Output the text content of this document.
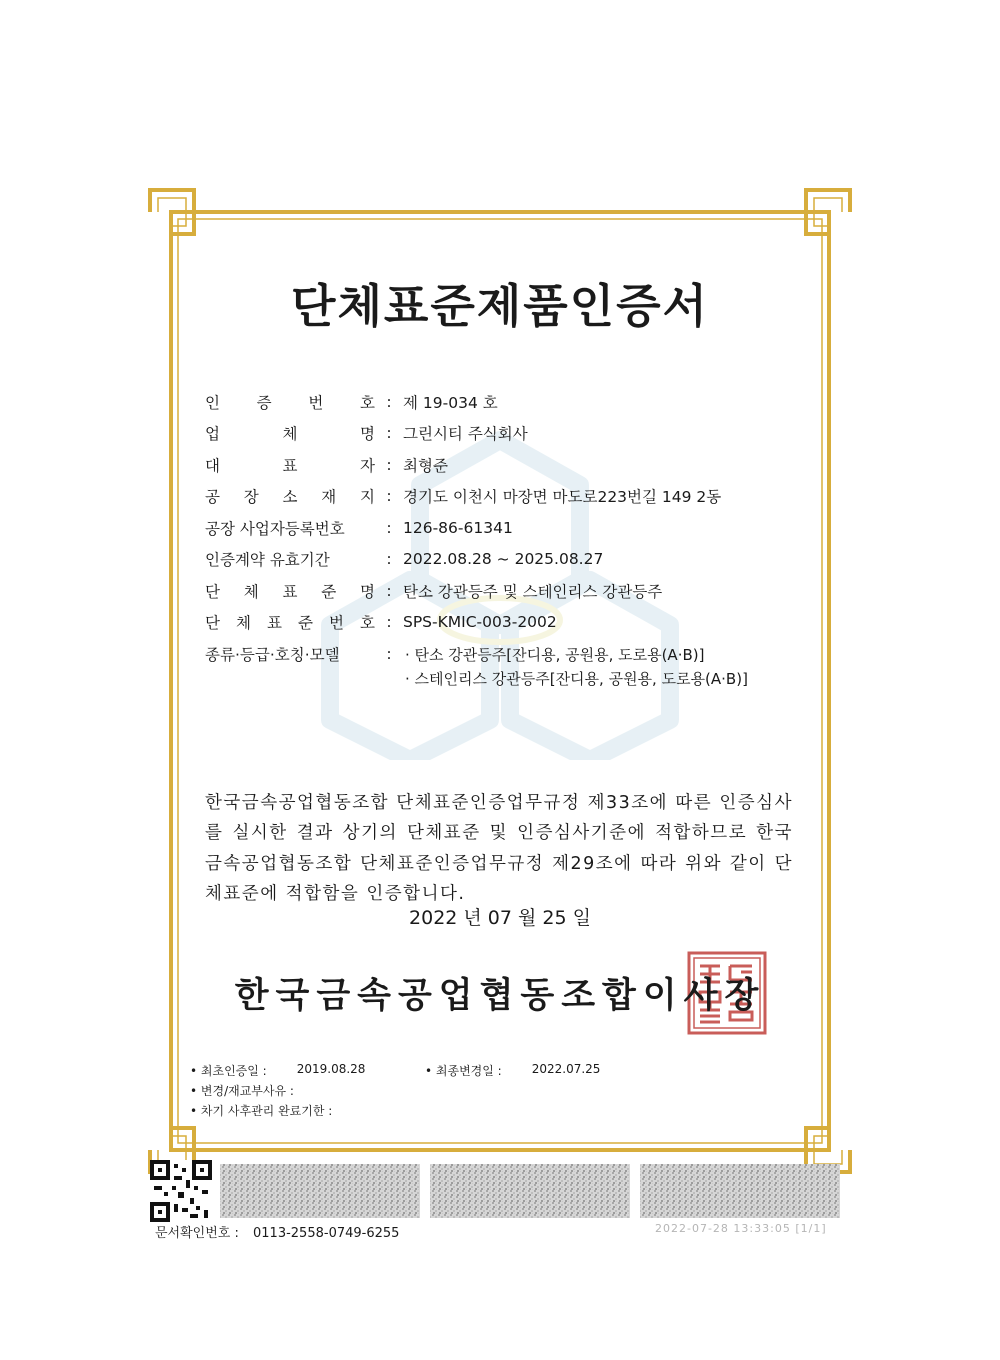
단체표준제품인증서
인 증 번 호 : 제 19-034 호
업	체	명 : 그린시티 주식회사
대	표	자 : 최형준
공 장 소 재 지 : 경기도 이천시 마장면 마도로223번길 149 2동
공장 사업자등록번호	: 126-86-61341
인증계약 유효기간	: 2022.08.28 ~ 2025.08.27
단 체 표 준 명 : 탄소 강관등주 및 스테인리스 강관등주
단 체 표 준 번 호 : SPS-KMIC-003-2002
종류·등급·호칭·모델	: · 탄소 강관등주[잔디용, 공원용, 도로용(A·B)]
· 스테인리스 강관등주[잔디용, 공원용, 도로용(A·B)]

한국금속공업협동조합 단체표준인증업무규정 제33조에 따른 인증심사를 실시한 결과 상기의 단체표준 및 인증심사기준에 적합하므로 한국금속공업협동조합 단체표준인증업무규정 제29조에 따라 위와 같이 단체표준에 적합함을 인증합니다.

2022 년 07 월 25 일
한국금속공업협동조합이사장
• 최초인증일 :	2019.08.28	• 최종변경일 :	2022.07.25
• 변경/재교부사유 :
• 차기 사후관리 완료기한 :
문서확인번호 : 0113-2558-0749-6255	2022-07-28 13:33:05 [1/1]
